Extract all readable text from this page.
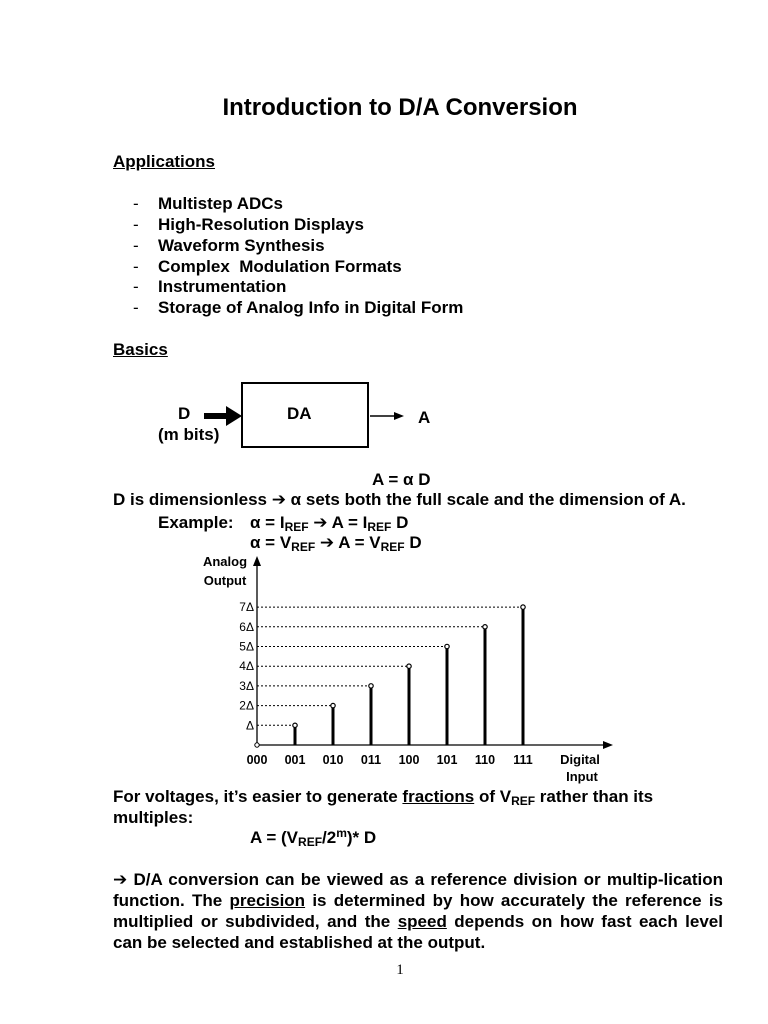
Introduction to D/A Conversion
Applications
- Multistep ADCs
- High-Resolution Displays
- Waveform Synthesis
- Complex  Modulation Formats
- Instrumentation
- Storage of Analog Info in Digital Form
Basics
D
(m bits)
DA	A
A = α D
D is dimensionless ➔ α sets both the full scale and the dimension of A.
Example: $\alpha = I_{REF}$ ➔ $A = I_{REF}$ D
$\alpha = V_{REF}$ ➔ $A = V_{REF}$ D
Analog
Output
Digital
Input
Δ
2Δ
3Δ
4Δ
5Δ
6Δ
7Δ
000 001 010 011 100 101 110 111
For voltages, it’s easier to generate fractions of $V_{REF}$ rather than its
multiples:
$A = (V_{REF}/2^m)*$ D
➔ D/A conversion can be viewed as a reference division or multip-lication function. The precision is determined by how accurately the reference is multiplied or subdivided, and the speed depends on how fast each level can be selected and established at the output.
1
